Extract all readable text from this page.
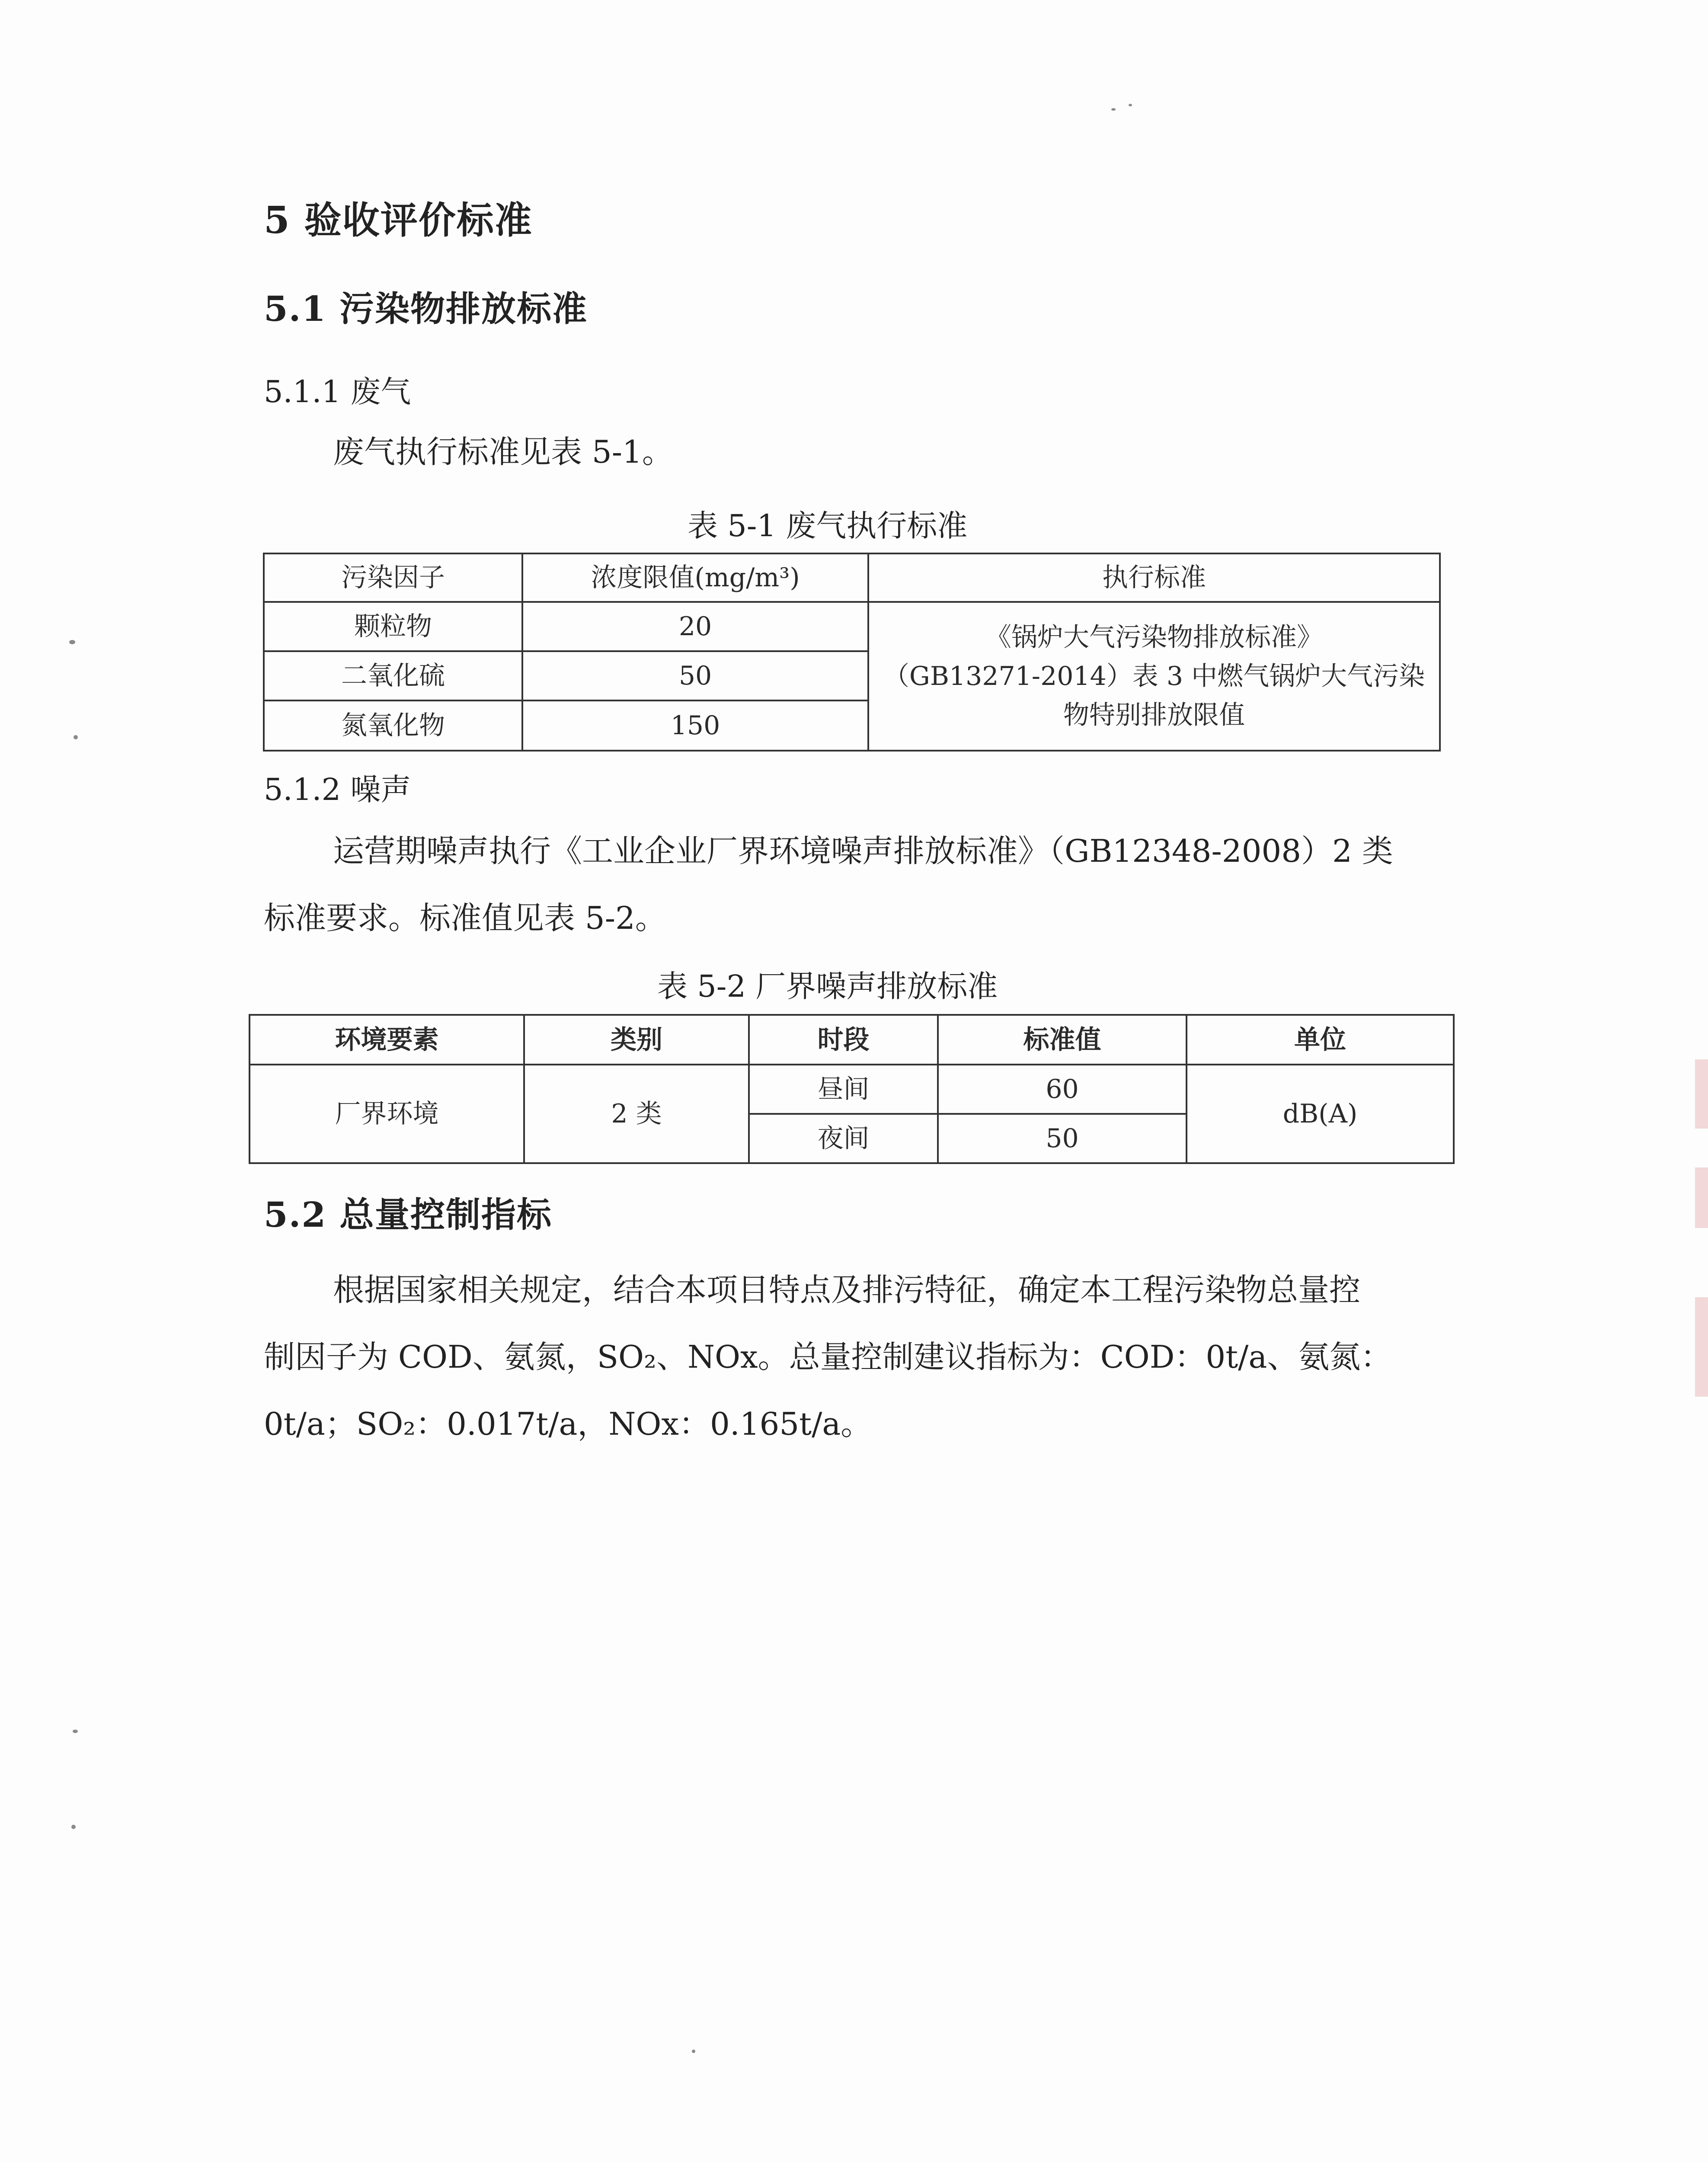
5 验收评价标准
5.1 污染物排放标准
5.1.1 废气
废气执行标准见表 5-1。
表 5-1 废气执行标准
污染因子	浓度限值(mg/m³)	执行标准
颗粒物	20	《锅炉大气污染物排放标准》
（GB13271-2014）表 3 中燃气锅炉大气污染
物特别排放限值

二氧化硫	50	
氮氧化物	150	
5.1.2 噪声
运营期噪声执行《工业企业厂界环境噪声排放标准》（GB12348-2008）2 类
标准要求。标准值见表 5-2。
表 5-2 厂界噪声排放标准
环境要素	类别	时段	标准值	单位
厂界环境	2 类	昼间	60	dB(A)
		夜间	50	
5.2 总量控制指标
根据国家相关规定，结合本项目特点及排污特征，确定本工程污染物总量控
制因子为 COD、氨氮，SO₂、NOx。总量控制建议指标为：COD：0t/a、氨氮：
0t/a；SO₂：0.017t/a，NOx：0.165t/a。
